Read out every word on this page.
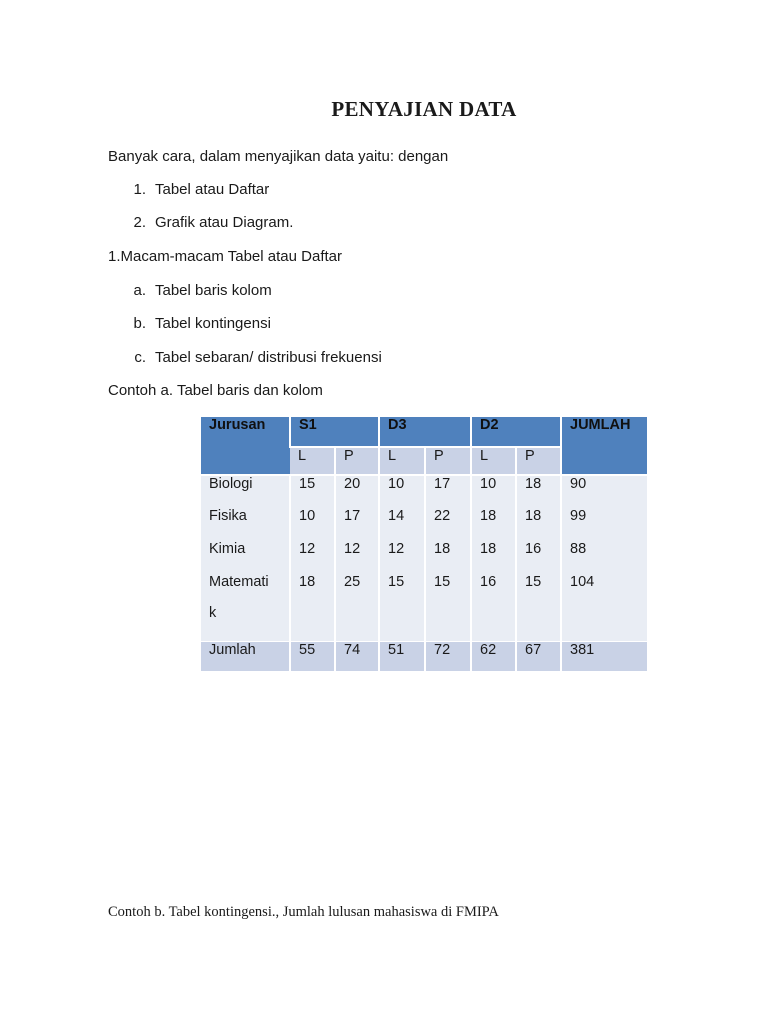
PENYAJIAN DATA
Banyak cara, dalam menyajikan data yaitu: dengan
1. Tabel atau Daftar
2. Grafik atau Diagram.
1.Macam-macam Tabel atau Daftar
a. Tabel baris kolom
b. Tabel kontingensi
c. Tabel sebaran/ distribusi frekuensi
Contoh a. Tabel baris dan kolom
Jurusan	S1		D3		D2		JUMLAH
	L	P	L	P	L	P	
Biologi	15	20	10	17	10	18	90
Fisika	10	17	14	22	18	18	99
Kimia	12	12	12	18	18	16	88

Matemati
k	18	25	15	15	16	15	104
Jumlah	55	74	51	72	62	67	381
Contoh b. Tabel kontingensi., Jumlah lulusan mahasiswa di FMIPA
